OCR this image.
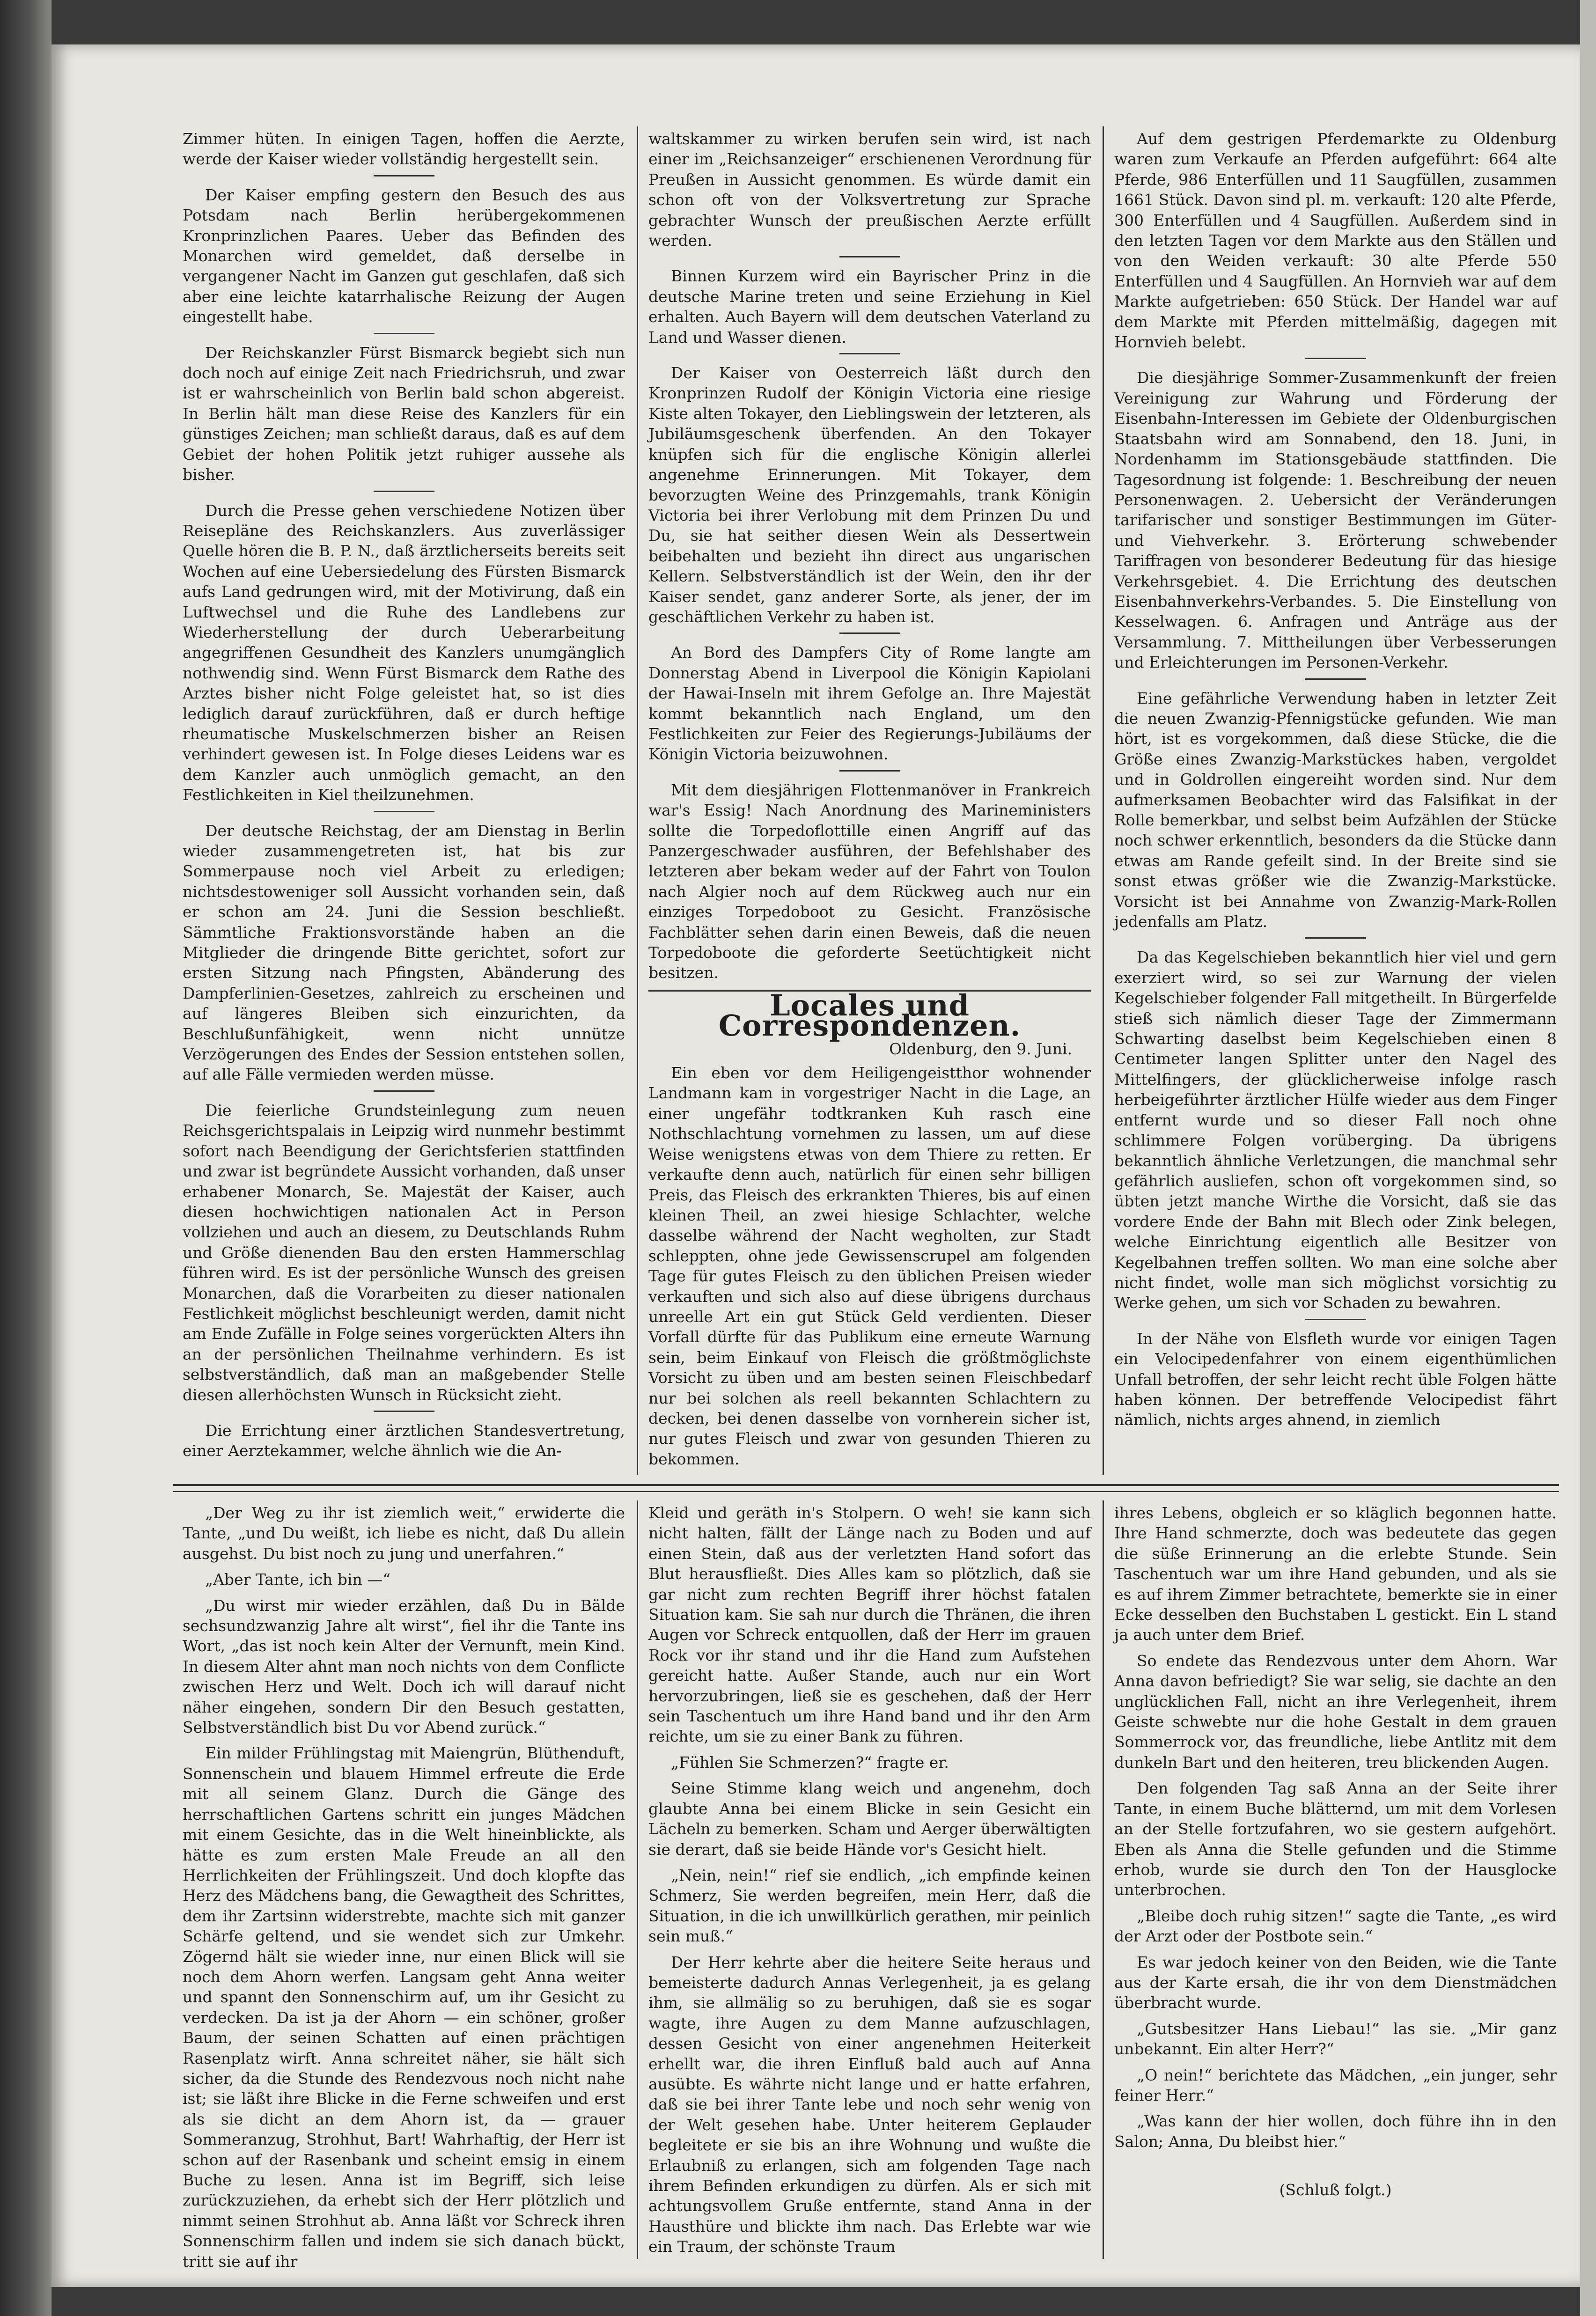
Zimmer hüten. In einigen Tagen, hoffen die Aerzte, werde der Kaiser wieder vollständig hergestellt sein.

Der Kaiser empfing gestern den Besuch des aus Potsdam nach Berlin herübergekommenen Kronprinzlichen Paares. Ueber das Befinden des Monarchen wird gemeldet, daß derselbe in vergangener Nacht im Ganzen gut geschlafen, daß sich aber eine leichte katarrhalische Reizung der Augen eingestellt habe.

Der Reichskanzler Fürst Bismarck begiebt sich nun doch noch auf einige Zeit nach Friedrichsruh, und zwar ist er wahrscheinlich von Berlin bald schon abgereist. In Berlin hält man diese Reise des Kanzlers für ein günstiges Zeichen; man schließt daraus, daß es auf dem Gebiet der hohen Politik jetzt ruhiger aussehe als bisher.

Durch die Presse gehen verschiedene Notizen über Reisepläne des Reichskanzlers. Aus zuverlässiger Quelle hören die B. P. N., daß ärztlicherseits bereits seit Wochen auf eine Uebersiedelung des Fürsten Bismarck aufs Land gedrungen wird, mit der Motivirung, daß ein Luftwechsel und die Ruhe des Landlebens zur Wiederherstellung der durch Ueberarbeitung angegriffenen Gesundheit des Kanzlers unumgänglich nothwendig sind. Wenn Fürst Bismarck dem Rathe des Arztes bisher nicht Folge geleistet hat, so ist dies lediglich darauf zurückführen, daß er durch heftige rheumatische Muskelschmerzen bisher an Reisen verhindert gewesen ist. In Folge dieses Leidens war es dem Kanzler auch unmöglich gemacht, an den Festlichkeiten in Kiel theilzunehmen.

Der deutsche Reichstag, der am Dienstag in Berlin wieder zusammengetreten ist, hat bis zur Sommerpause noch viel Arbeit zu erledigen; nichtsdestoweniger soll Aussicht vorhanden sein, daß er schon am 24. Juni die Session beschließt. Sämmtliche Fraktionsvorstände haben an die Mitglieder die dringende Bitte gerichtet, sofort zur ersten Sitzung nach Pfingsten, Abänderung des Dampferlinien-Gesetzes, zahlreich zu erscheinen und auf längeres Bleiben sich einzurichten, da Beschlußunfähigkeit, wenn nicht unnütze Verzögerungen des Endes der Session entstehen sollen, auf alle Fälle vermieden werden müsse.

Die feierliche Grundsteinlegung zum neuen Reichsgerichtspalais in Leipzig wird nunmehr bestimmt sofort nach Beendigung der Gerichtsferien stattfinden und zwar ist begründete Aussicht vorhanden, daß unser erhabener Monarch, Se. Majestät der Kaiser, auch diesen hochwichtigen nationalen Act in Person vollziehen und auch an diesem, zu Deutschlands Ruhm und Größe dienenden Bau den ersten Hammerschlag führen wird. Es ist der persönliche Wunsch des greisen Monarchen, daß die Vorarbeiten zu dieser nationalen Festlichkeit möglichst beschleunigt werden, damit nicht am Ende Zufälle in Folge seines vorgerückten Alters ihn an der persönlichen Theilnahme verhindern. Es ist selbstverständlich, daß man an maßgebender Stelle diesen allerhöchsten Wunsch in Rücksicht zieht.

Die Errichtung einer ärztlichen Standesvertretung, einer Aerztekammer, welche ähnlich wie die An-

waltskammer zu wirken berufen sein wird, ist nach einer im „Reichsanzeiger“ erschienenen Verordnung für Preußen in Aussicht genommen. Es würde damit ein schon oft von der Volksvertretung zur Sprache gebrachter Wunsch der preußischen Aerzte erfüllt werden.

Binnen Kurzem wird ein Bayrischer Prinz in die deutsche Marine treten und seine Erziehung in Kiel erhalten. Auch Bayern will dem deutschen Vaterland zu Land und Wasser dienen.

Der Kaiser von Oesterreich läßt durch den Kronprinzen Rudolf der Königin Victoria eine riesige Kiste alten Tokayer, den Lieblingswein der letzteren, als Jubiläumsgeschenk überfenden. An den Tokayer knüpfen sich für die englische Königin allerlei angenehme Erinnerungen. Mit Tokayer, dem bevorzugten Weine des Prinzgemahls, trank Königin Victoria bei ihrer Verlobung mit dem Prinzen Du und Du, sie hat seither diesen Wein als Dessertwein beibehalten und bezieht ihn direct aus ungarischen Kellern. Selbstverständlich ist der Wein, den ihr der Kaiser sendet, ganz anderer Sorte, als jener, der im geschäftlichen Verkehr zu haben ist.

An Bord des Dampfers City of Rome langte am Donnerstag Abend in Liverpool die Königin Kapiolani der Hawai-Inseln mit ihrem Gefolge an. Ihre Majestät kommt bekanntlich nach England, um den Festlichkeiten zur Feier des Regierungs-Jubiläums der Königin Victoria beizuwohnen.

Mit dem diesjährigen Flottenmanöver in Frankreich war's Essig! Nach Anordnung des Marineministers sollte die Torpedoflottille einen Angriff auf das Panzergeschwader ausführen, der Befehlshaber des letzteren aber bekam weder auf der Fahrt von Toulon nach Algier noch auf dem Rückweg auch nur ein einziges Torpedoboot zu Gesicht. Französische Fachblätter sehen darin einen Beweis, daß die neuen Torpedoboote die geforderte Seetüchtigkeit nicht besitzen.

Locales und Correspondenzen.
Oldenburg, den 9. Juni.

Ein eben vor dem Heiligengeistthor wohnender Landmann kam in vorgestriger Nacht in die Lage, an einer ungefähr todtkranken Kuh rasch eine Nothschlachtung vornehmen zu lassen, um auf diese Weise wenigstens etwas von dem Thiere zu retten. Er verkaufte denn auch, natürlich für einen sehr billigen Preis, das Fleisch des erkrankten Thieres, bis auf einen kleinen Theil, an zwei hiesige Schlachter, welche dasselbe während der Nacht wegholten, zur Stadt schleppten, ohne jede Gewissenscrupel am folgenden Tage für gutes Fleisch zu den üblichen Preisen wieder verkauften und sich also auf diese übrigens durchaus unreelle Art ein gut Stück Geld verdienten. Dieser Vorfall dürfte für das Publikum eine erneute Warnung sein, beim Einkauf von Fleisch die größtmöglichste Vorsicht zu üben und am besten seinen Fleischbedarf nur bei solchen als reell bekannten Schlachtern zu decken, bei denen dasselbe von vornherein sicher ist, nur gutes Fleisch und zwar von gesunden Thieren zu bekommen.

Auf dem gestrigen Pferdemarkte zu Oldenburg waren zum Verkaufe an Pferden aufgeführt: 664 alte Pferde, 986 Enterfüllen und 11 Saugfüllen, zusammen 1661 Stück. Davon sind pl. m. verkauft: 120 alte Pferde, 300 Enterfüllen und 4 Saugfüllen. Außerdem sind in den letzten Tagen vor dem Markte aus den Ställen und von den Weiden verkauft: 30 alte Pferde 550 Enterfüllen und 4 Saugfüllen. An Hornvieh war auf dem Markte aufgetrieben: 650 Stück. Der Handel war auf dem Markte mit Pferden mittelmäßig, dagegen mit Hornvieh belebt.

Die diesjährige Sommer-Zusammenkunft der freien Vereinigung zur Wahrung und Förderung der Eisenbahn-Interessen im Gebiete der Oldenburgischen Staatsbahn wird am Sonnabend, den 18. Juni, in Nordenhamm im Stationsgebäude stattfinden. Die Tagesordnung ist folgende: 1. Beschreibung der neuen Personenwagen. 2. Uebersicht der Veränderungen tarifarischer und sonstiger Bestimmungen im Güter- und Viehverkehr. 3. Erörterung schwebender Tariffragen von besonderer Bedeutung für das hiesige Verkehrsgebiet. 4. Die Errichtung des deutschen Eisenbahnverkehrs-Verbandes. 5. Die Einstellung von Kesselwagen. 6. Anfragen und Anträge aus der Versammlung. 7. Mittheilungen über Verbesserungen und Erleichterungen im Personen-Verkehr.

Eine gefährliche Verwendung haben in letzter Zeit die neuen Zwanzig-Pfennigstücke gefunden. Wie man hört, ist es vorgekommen, daß diese Stücke, die die Größe eines Zwanzig-Markstückes haben, vergoldet und in Goldrollen eingereiht worden sind. Nur dem aufmerksamen Beobachter wird das Falsifikat in der Rolle bemerkbar, und selbst beim Aufzählen der Stücke noch schwer erkenntlich, besonders da die Stücke dann etwas am Rande gefeilt sind. In der Breite sind sie sonst etwas größer wie die Zwanzig-Markstücke. Vorsicht ist bei Annahme von Zwanzig-Mark-Rollen jedenfalls am Platz.

Da das Kegelschieben bekanntlich hier viel und gern exerziert wird, so sei zur Warnung der vielen Kegelschieber folgender Fall mitgetheilt. In Bürgerfelde stieß sich nämlich dieser Tage der Zimmermann Schwarting daselbst beim Kegelschieben einen 8 Centimeter langen Splitter unter den Nagel des Mittelfingers, der glücklicherweise infolge rasch herbeigeführter ärztlicher Hülfe wieder aus dem Finger entfernt wurde und so dieser Fall noch ohne schlimmere Folgen vorüberging. Da übrigens bekanntlich ähnliche Verletzungen, die manchmal sehr gefährlich ausliefen, schon oft vorgekommen sind, so übten jetzt manche Wirthe die Vorsicht, daß sie das vordere Ende der Bahn mit Blech oder Zink belegen, welche Einrichtung eigentlich alle Besitzer von Kegelbahnen treffen sollten. Wo man eine solche aber nicht findet, wolle man sich möglichst vorsichtig zu Werke gehen, um sich vor Schaden zu bewahren.

In der Nähe von Elsfleth wurde vor einigen Tagen ein Velocipedenfahrer von einem eigenthümlichen Unfall betroffen, der sehr leicht recht üble Folgen hätte haben können. Der betreffende Velocipedist fährt nämlich, nichts arges ahnend, in ziemlich

„Der Weg zu ihr ist ziemlich weit,“ erwiderte die Tante, „und Du weißt, ich liebe es nicht, daß Du allein ausgehst. Du bist noch zu jung und unerfahren.“

„Aber Tante, ich bin —“

„Du wirst mir wieder erzählen, daß Du in Bälde sechsundzwanzig Jahre alt wirst“, fiel ihr die Tante ins Wort, „das ist noch kein Alter der Vernunft, mein Kind. In diesem Alter ahnt man noch nichts von dem Conflicte zwischen Herz und Welt. Doch ich will darauf nicht näher eingehen, sondern Dir den Besuch gestatten, Selbstverständlich bist Du vor Abend zurück.“

Ein milder Frühlingstag mit Maiengrün, Blüthenduft, Sonnenschein und blauem Himmel erfreute die Erde mit all seinem Glanz. Durch die Gänge des herrschaftlichen Gartens schritt ein junges Mädchen mit einem Gesichte, das in die Welt hineinblickte, als hätte es zum ersten Male Freude an all den Herrlichkeiten der Frühlingszeit. Und doch klopfte das Herz des Mädchens bang, die Gewagtheit des Schrittes, dem ihr Zartsinn widerstrebte, machte sich mit ganzer Schärfe geltend, und sie wendet sich zur Umkehr. Zögernd hält sie wieder inne, nur einen Blick will sie noch dem Ahorn werfen. Langsam geht Anna weiter und spannt den Sonnenschirm auf, um ihr Gesicht zu verdecken. Da ist ja der Ahorn — ein schöner, großer Baum, der seinen Schatten auf einen prächtigen Rasenplatz wirft. Anna schreitet näher, sie hält sich sicher, da die Stunde des Rendezvous noch nicht nahe ist; sie läßt ihre Blicke in die Ferne schweifen und erst als sie dicht an dem Ahorn ist, da — grauer Sommeranzug, Strohhut, Bart! Wahrhaftig, der Herr ist schon auf der Rasenbank und scheint emsig in einem Buche zu lesen. Anna ist im Begriff, sich leise zurückzuziehen, da erhebt sich der Herr plötzlich und nimmt seinen Strohhut ab. Anna läßt vor Schreck ihren Sonnenschirm fallen und indem sie sich danach bückt, tritt sie auf ihr

Kleid und geräth in's Stolpern. O weh! sie kann sich nicht halten, fällt der Länge nach zu Boden und auf einen Stein, daß aus der verletzten Hand sofort das Blut herausfließt. Dies Alles kam so plötzlich, daß sie gar nicht zum rechten Begriff ihrer höchst fatalen Situation kam. Sie sah nur durch die Thränen, die ihren Augen vor Schreck entquollen, daß der Herr im grauen Rock vor ihr stand und ihr die Hand zum Aufstehen gereicht hatte. Außer Stande, auch nur ein Wort hervorzubringen, ließ sie es geschehen, daß der Herr sein Taschentuch um ihre Hand band und ihr den Arm reichte, um sie zu einer Bank zu führen.

„Fühlen Sie Schmerzen?“ fragte er.

Seine Stimme klang weich und angenehm, doch glaubte Anna bei einem Blicke in sein Gesicht ein Lächeln zu bemerken. Scham und Aerger überwältigten sie derart, daß sie beide Hände vor's Gesicht hielt.

„Nein, nein!“ rief sie endlich, „ich empfinde keinen Schmerz, Sie werden begreifen, mein Herr, daß die Situation, in die ich unwillkürlich gerathen, mir peinlich sein muß.“

Der Herr kehrte aber die heitere Seite heraus und bemeisterte dadurch Annas Verlegenheit, ja es gelang ihm, sie allmälig so zu beruhigen, daß sie es sogar wagte, ihre Augen zu dem Manne aufzuschlagen, dessen Gesicht von einer angenehmen Heiterkeit erhellt war, die ihren Einfluß bald auch auf Anna ausübte. Es währte nicht lange und er hatte erfahren, daß sie bei ihrer Tante lebe und noch sehr wenig von der Welt gesehen habe. Unter heiterem Geplauder begleitete er sie bis an ihre Wohnung und wußte die Erlaubniß zu erlangen, sich am folgenden Tage nach ihrem Befinden erkundigen zu dürfen. Als er sich mit achtungsvollem Gruße entfernte, stand Anna in der Hausthüre und blickte ihm nach. Das Erlebte war wie ein Traum, der schönste Traum

ihres Lebens, obgleich er so kläglich begonnen hatte. Ihre Hand schmerzte, doch was bedeutete das gegen die süße Erinnerung an die erlebte Stunde. Sein Taschentuch war um ihre Hand gebunden, und als sie es auf ihrem Zimmer betrachtete, bemerkte sie in einer Ecke desselben den Buchstaben L gestickt. Ein L stand ja auch unter dem Brief.

So endete das Rendezvous unter dem Ahorn. War Anna davon befriedigt? Sie war selig, sie dachte an den unglücklichen Fall, nicht an ihre Verlegenheit, ihrem Geiste schwebte nur die hohe Gestalt in dem grauen Sommerrock vor, das freundliche, liebe Antlitz mit dem dunkeln Bart und den heiteren, treu blickenden Augen.

Den folgenden Tag saß Anna an der Seite ihrer Tante, in einem Buche blätternd, um mit dem Vorlesen an der Stelle fortzufahren, wo sie gestern aufgehört. Eben als Anna die Stelle gefunden und die Stimme erhob, wurde sie durch den Ton der Hausglocke unterbrochen.

„Bleibe doch ruhig sitzen!“ sagte die Tante, „es wird der Arzt oder der Postbote sein.“

Es war jedoch keiner von den Beiden, wie die Tante aus der Karte ersah, die ihr von dem Dienstmädchen überbracht wurde.

„Gutsbesitzer Hans Liebau!“ las sie. „Mir ganz unbekannt. Ein alter Herr?“

„O nein!“ berichtete das Mädchen, „ein junger, sehr feiner Herr.“

„Was kann der hier wollen, doch führe ihn in den Salon; Anna, Du bleibst hier.“

(Schluß folgt.)
